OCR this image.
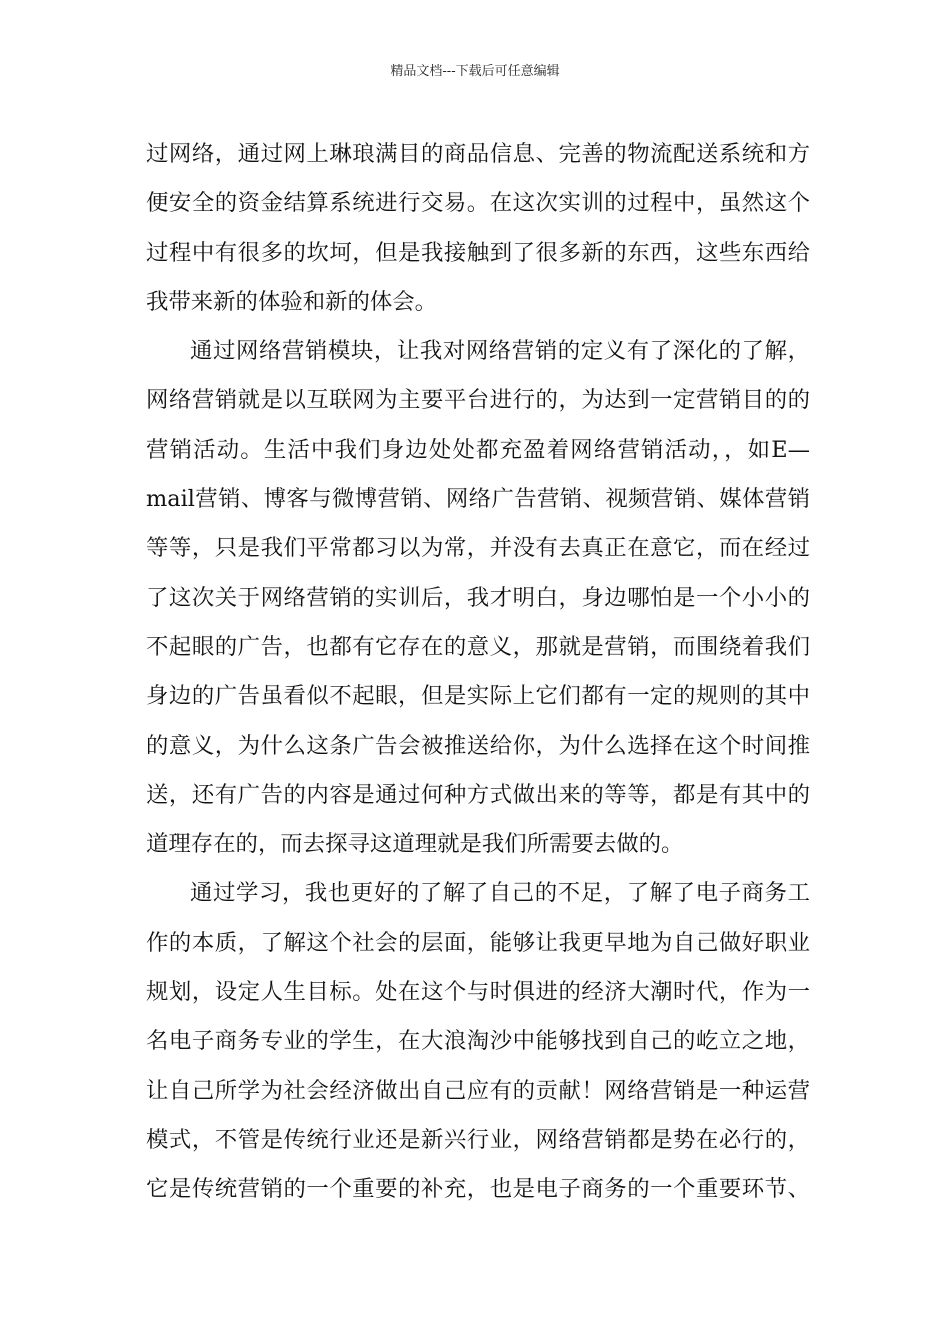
精品文档---下载后可任意编辑
过网络，通过网上琳琅满目的商品信息、完善的物流配送系统和方
便安全的资金结算系统进行交易。在这次实训的过程中，虽然这个
过程中有很多的坎坷，但是我接触到了很多新的东西，这些东西给
我带来新的体验和新的体会。
通过网络营销模块，让我对网络营销的定义有了深化的了解，
网络营销就是以互联网为主要平台进行的，为达到一定营销目的的
营销活动。生活中我们身边处处都充盈着网络营销活动，，如E—
mail营销、博客与微博营销、网络广告营销、视频营销、媒体营销
等等，只是我们平常都习以为常，并没有去真正在意它，而在经过
了这次关于网络营销的实训后，我才明白，身边哪怕是一个小小的
不起眼的广告，也都有它存在的意义，那就是营销，而围绕着我们
身边的广告虽看似不起眼，但是实际上它们都有一定的规则的其中
的意义，为什么这条广告会被推送给你，为什么选择在这个时间推
送，还有广告的内容是通过何种方式做出来的等等，都是有其中的
道理存在的，而去探寻这道理就是我们所需要去做的。
通过学习，我也更好的了解了自己的不足，了解了电子商务工
作的本质，了解这个社会的层面，能够让我更早地为自己做好职业
规划，设定人生目标。处在这个与时俱进的经济大潮时代，作为一
名电子商务专业的学生，在大浪淘沙中能够找到自己的屹立之地，
让自己所学为社会经济做出自己应有的贡献！网络营销是一种运营
模式，不管是传统行业还是新兴行业，网络营销都是势在必行的，
它是传统营销的一个重要的补充，也是电子商务的一个重要环节、
